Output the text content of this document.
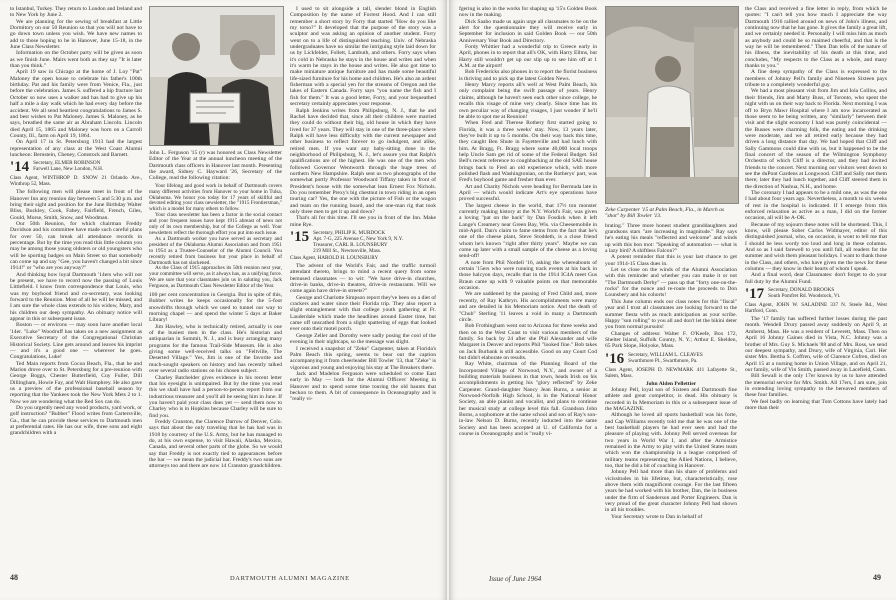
to Istanbul, Turkey. They return to London and Ireland and to New York by June 2.

We are planning for the sewing of breakfast at Little Dormitory on our 50 Reunion so that you will not have to go down town unless you wish. We have new names to add to those hoping to be in Hanover, June 15-18, in the June Class Newsletter.

Information on the October party will be given as soon as we finish June. Mairs went both as they say "It is later than you think."

April 19 saw in Chicago at the home of J. Loy "Pat" Maloney the open house to celebrate his father's 100th birthday. Pat and his family were from Venice, Fla., just before the celebration. James S. suffered a hip fracture last October so now uses a walker and has had to give up his half a mile a day walk which he had every day before the accident. We all send heartiest congratulations to James S. and best wishes to Pat Maloney. James S. Maloney, as he says, breathed the same air as Abraham Lincoln. Lincoln died April 15, 1865 and Maloney was born on a Carroll County, Ill., farm on April 19, 1864.

On April 17 in St. Petersburg 1913 had the largest representation of any class at the West Coast Alumni luncheon: Bernstein, Cheney, Comstock and Barnett.

'14 Secretary, ELMER ROBINSON
Farwell Lane, New London, N.H.
Class Agent, WINTHROP D. SNOW 21 Orlando Ave., Winthrop 52, Mass.

The following men will please meet in front of the Hanover Inn any reunion day between 5 and 5:30 p.m. and bring their sight and position for the June Birthday Walter Bliss, Buckley, Cook, Fahey, Fairfield, French, Giles, Gould, Morse, Smith, Snow, and Woodman.

Our 50th Reunion, for which chairman Freddy Davidson and his committee have made such careful plans for over 50, can break all attendance records in percentage. But by the time you read this little column you may be among those young oldsters or old youngsters who will be sporting badges on Main Street so that somebody can come up and say "Gee, you haven't changed a bit since 1914!" or "who are you anyway?"

And thinking how loyal Dartmouth '14ers who will not be present, we have to record now the passing of Louis Littlefield. I know from correspondence that Louis, who was my boyhood friend and co-secretary, was looking forward to the Reunion. Most of all he will be missed, and I am sure the whole class extends to his widow, Mary, and his children our deep sympathy. An obituary notice will appear in this or subsequent issue.

Boston — or environs — may soon have another local '14er. "Luke" Woodruff has taken on a new assignment as Executive Secretary of the Congregational Christian Historical Society. Line gets around and leaves his imprint — and it's a good one — wherever he goes. Congratulations, Luke!

Ted Main reports from Cocoa Beach, Fla., that he and Marion drove over to St. Petersburg for a pre-reunion with George Boggs, Chester Butterfield, Cuy Fuller, Dill Dillingham, Howie Fay, and Walt Humphrey. He also gave us a preview of the professional baseball season by reporting that the Yankees took the New York Mets 2 to 1. Now we are wondering what the Red Sox can do.

Do you urgently need any wood products, yard work, or golf instruction? "Bubber" Flood writes from Cartersville, Ga., that he can provide these services to Dartmouth men at preferential rates. He has our wife, three sons and eight grandchildren with a

John L. Ferguson '15 (r) was honored as Class Newsletter Editor of the Year at the annual luncheon meeting of the Dartmouth class officers in Hanover last month. Presenting the award, Sidney C. Hayward '26, Secretary of the College, read the following citation:

Your lifelong and good work in behalf of Dartmouth covers many different activities from Hanover to your home in Tulsa, Oklahoma. We honor you today for 17 years of skillful and devoted editing your class newsletter, the "1915 Frontiersman," which is a model for many others to follow.

Your class newsletter has been a factor in the social contact and your frequent issues have kept 1915 abreast of news not only of its own membership, but of the College as well. Your newsletters reflect the thorough effort you put into each issue.

As a Dartmouth worker you have served as secretary and president of the Oklahoma Alumni Association and from 1951 to 1954 as a Trustee-Counselor of the Alumni Council. You recently retired from business but your place in behalf of Dartmouth has not slackened.

As the Class of 1915 approaches its 50th reunion next year, your committee will serve, as it always has, as a unifying force. We are sure that your classmates join us in saluting you, Jack Ferguson, as Dartmouth Class Newsletter Editor of the Year.

100 per cent concentration in Georgia. But in spite of this, Bubber writes he keeps occasionally for the 5-foot snowdrifts through which we used to tunnel our way to morning chapel — and spend the winter 5 days at Baker Library!

Jim Hawley, who is technically retired, actually is one of the busiest men in the class. He's historian and antiquarian in Summit, N. J., and is busy arranging many programs for the famous Trail-Side Museum. He is also giving some well-received talks on "Feltville, The Deserted Village." Yes, Jim is one of the favorite and much-sought speakers on history and has recently talked over several radio stations on his chosen subject.

Charley Batchelder gives evidence in his recent letter that his eyesight is unimpaired. But by the time you read this we shall have had a person-to-person report from our industrious treasurer and you'll all be seeing him in June. If you haven't paid your class dues yet — send them now to Charley who is in Hopkins because Charley will be sure to find you.

Freddy Cranston, the Clarence Darrow of Denver, Colo. says that about the only traveling that he has had was in 1918 by courtesy of the U.S. Army, but he has managed to do, at his own expense, to visit Hawaii, Alaska, Mexico, Canada, and several other parts of the globe. So we would say that Freddy is not exactly tied to appearances before the bar — we mean the judicial bar. Freddy's two sons are attorneys too and there are now 14 Cranston grandchildren.

I used to sit alongside a tall, slender blond in English Composition by the name of Forrest Hood. And I can still remember a short story by Forry that started "How do you like my torso?" It developed that the purpose of the story was a sculptor and was asking an opinion of another student. Forry went on to a life of distinguished teaching. Univ. of Nebraska undergraduates have no similar the intriguing style laid down for us by Lickfelder, Follett, Lambuth, and others. Forry says when it's cold in Nebraska he stays in the house and writes and when it's warm he stays in the house and writes. He also got time to make miniature antique furniture and has made some beautiful life-sized furniture for his home and children. He's also an ardent fisherman with a special yen for the streams of Oregon and the lakes of Eastern Canada. Forry says "you name the fish and I fish for them." It was a good letter, Forry, and your bequeathed secretary certainly appreciates your response.

Ralph Jenkins writes from Philipsburg, N. J., that he and Rachel have decided that, since all their children were married they could do without their big, old house in which they have lived for 37 years. They will stay in one of the three-place where Ralph will have less difficulty with the current newspaper and other business to reflect forever to go indulgent, and alike, retired men. If you want any baby-sitting done in the neighborhood of Philipsburg, N. J., let's assure you that Ralph's qualifications are of the highest. He was one of the men who followed Governor Wentworth through the huge trees of northern New Hampshire. Ralph sent us two photographs of the somewhat portly Professor Woodward Tiffany taken in front of President's house with the somewhat lean Ernest Fox Nichols. Do you remember Prexy's big chestnut in town riding in an open touring car? Yes, the one with the picture of Fish or the wagon and team on the running board, and the one-man rig that took only three men to get it up and down?

That's all for this time. I'll see you in front of the Inn. Make mine Rye.

'15 Secretary, PHILIP K. MURDOCK
Apt. 7-G, 225 Avenue C, New York 9, N.Y.
Treasurer, CARL R. LOUNSBURY
219 Mill St., Newtonville, Mass.
Class Agent, HAROLD H. LOUNSBURY

The advent of the World's Fair, and the traffic turmoil attendant thereto, brings to mind a recent query from some bemused classmates — to wit: "We have drive-in churches, drive-in banks, drive-in theatres, drive-in restaurants. Will we come again have drive-in streets?"

George and Charlotte Simpson report they've been on a diet of crackers and water since their Florida trip. They also report a slight entanglement with that college youth gathering at Ft. Lauderdale which made the headlines around Easter time, but came off unscathed from a slight spattering of eggs that looked ever onto their motel porch.

George Zeller and Dorothy were sadly posing the cool of the evening in their nightcaps, so the message was slight.

I received a snapshot of "Zeke" Carpenter, taken at Florida's Palm Beach this spring, seems to bear out the caption accompanying it from cheerleader Bill Towler '13, that "Zeke" is vigorous and young and enjoying his stay at The Breakers there.

Jack and Madelon Ferguson were scheduled to come East early in May — both for the Alumni Officers' Meeting in Hanover and to spend some time touring the old haunts that beckon to them. A bit of consequence in Oceanography and is "really vi-

48	DARTMOUTH ALUMNI MAGAZINE

fgering is also in the works for shaping up '15's Golden Book now in the making.

Dick Saabo made us again urge all classmates to be on the alert for the questionnaire they will receive early in September for inclusion in said Golden Book — our 50th Anniversary Year Book and Directory.

Fordy Whittier had a wonderful trip to Greece early in April, phones in to report that all's OK, with Harry Ellms, but Harry still wouldn't get up our slip up to see him off at 1 A.M. at the airport!

Bob Fredericks also phones in to report the florist business is thriving and to pick up the latest Golden News.

Henry Marcy reports all's well at West Palm Beach, his only complaint being the swift passage of years. Henry claims, although he haven't seen each other since college, he recalls this visage of mine very clearly. Since time has its own peculiar way of changing visages, I just wonder if he'll be able to spot me at Reunion!

When Fred and Therese Rothery first started going to Florida, it was a three weeks' stay. Now, 13 years later, they've built it up to 5 months. On their way back this time, they caught Ben Shute in Fayetteville and had lunch with him. At Bragg, Ft. Bragg where some 40,000 local troops help Uncle Sam get rid of some of the Federal Budget. Sid Bell's recent reference to coughbacking at the old SAE house brings back to Fred an old experience which, with more polished flash and Washingtonian, on the Rotherys' part, was Fred's boyhood game and fresher than ever.

Art and Charity Nichols were heading for Bermuda late in April — which would indicate Art's eye operations have proved successful.

The largest cheese in the world, that 17½ ton monster currently making history at the N.Y. World's Fair, was given a loving "pat on the back" by Dan Fosdick when it left Lange's Creamery near Green Bay, Wis. via Cheesemobile in mid-April. Dan's claim to fame stems from the fact that he's one of the cheese plant, Steve Stoddeth, is a close friend whom he's known "right after thirty years". Maybe we can come up later with a small sample of the cheese as a loving send-off!

A note from Phil Nordell '16, asking the whereabouts of certain '15ers who were running track events at his back in those halcyon days, recalls that in the 1914 IC4A meet Gus Braun came up with 9 valuable points on that memorable occasion.

We are saddened by the passing of Fred Child and, more recently, of Ray Kathryn. His accomplishments were many and are detailed in his Memoriam notice. And the death of "Chub" Sterling '11 leaves a void in many a Dartmouth circle.

Bob Frothingham went out to Arizona for three weeks and then on to the West Coast to visit various members of the family. So back by 24 after she Phil Alexander and wife Margaret in Denver and reports Phil "looked fine." Bob takes on Jack Burbank is still accessible. Good on any Court Cod but didn't elaborate on results.

Ray White, chairman of the Planning Board of the Incorporated Village of Norwood, N.Y., and owner of a building materials business in that town, heads Irish on his accomplishments in getting his "glory reflected" by Zeke Carpenter. Grand-daughter Nancy Jean Burns, a senior at Norwood-Norfolk High School, is in the National Honor Society, an able pianist and vocalist, and plans to continue her musical study at college level this fall. Grandson John Burns, a sophomore at the same school and son of Ray's son-in-law Nelson D. Burns, recently inducted into the same Society and has been accepted at U. of California for a course in Oceanography and is "really vi-

Zeke Carpenter '15 at Palm Beach, Fla., in March as "shot" by Bill Towler '13.

brating." Three more honest student granddaughters and grandsons stars "are increasing in magnitude." Ray says he's eating his meals "reflected and welcome" and winds up with this bon mot: "Speaking of automation — what is a lazy bird? A shiftless Falcon?"

A potent reminder that this is your last chance to get your 1914-15 Class dues in.

Let us close on the winds of the Alumni Association with this reminder and whether you can make it or not "The Dartmouth Derby" — pass up that "forty one-on-the-rocks" for the nonce and re-route the proceeds to Don Lounsbery and his cohorts!

This June column ends our class notes for this "fiscal" year and I trust all classmates are looking forward to the summer fiesta with as much anticipation as your scribe. Happy "sun rolling" to you all and don't let the bikini deter you from normal pursuits!

Changes of address: Walter F. O'Keefe, Box 172, Shelter Island, Suffolk County, N. Y.; Arthur E. Shelden, 65 Park Slope, Holyoke, Mass.

'16 Secretary, WILLIAM L. CLEAVES
Swarthmore Pl., Swarthmore, Pa.
Class Agent, JOSEPH D. NEWMARK 411 Lafayette St., Salem, Mass.

John Alden Pellettier

Johnny Pell, loyal son of Sixteen and Dartmouth fine athlete and great competitor, is dead. His obituary is recorded in In Memoriam in this or a subsequent issue of the MAGAZINE.

Although he loved all sports basketball was his forte, and Cap Williams recently told me that he was one of the best basketball players he had ever seen and had the pleasure of playing with. Johnny Pell served overseas for two years in World War I, and after the Armistice remained in the Army to play with the United States team which won the championship in a league comprised of military teams representing the Allied Nations, I believe, too, that he did a bit of coaching in Hanover.

Johnny Pell had more than his share of problems and vicissitudes in his lifetime, but, characteristically, rose above them with magnificent courage. For the last fifteen years he had worked with his brother, Dan, the in business under the firm of Sanderson and Porter Engineers. Dan is very proud of the great character Johnny Pell had shown in all his troubles.

Your Secretary wrote to Dan in behalf of

the Class and received a fine letter in reply, from which he quotes: "I can't tell you how much I appreciate the way Dartmouth 1916 rallied around on news of John's illness, and continuing now that he has gone. It gives the family a great lift, and we certainly needed it. Personally I will miss him as much as anybody and could be so maimed cheerful, and that is the way he will be remembered." Then Dan tells of the nature of his illness, the inevitability of his death at this time, and concludes, "My respects to the Class as a whole, and many thanks to you."

A fine deep sympathy of the Class is expressed to the members of Johnny Pell's family and Nineteen Sixteen pays tribute to a completely wonderful guy.

We had a most pleasant visit from Jim and Iola Collins, and their friends, Jim and Marty Buss, of Toronto, who spent the night with us on their way back to Florida. Next morning I was off to Bryn Mawr Hospital where I am now incarcerated as those seem to be being written, any "similarly" between their visit and the slight economy I had was purely coincidental — the Busses were charming folk, the eating and the drinking were moderate, and we all retired early because they had driven a long distance that day. We had hoped that Cliff and Sally Gammons could dine with us, but it happened to be the final concert of the season of the Wilmington Symphony Orchestra of which Cliff is a director, and they had invited friends to the concert. Next morning our visitors went down to see the duPont Gardens at Longwood. Cliff and Sally met them there; later they had lunch together, and Cliff steered them in the direction of Nashua, N.H., and home.

The coronary I had appears to be a mild one, as was the one I had about four years ago. Nevertheless, a month to six weeks of rest in the hospital is indicated. If I emerge from this enforced relaxation as active as a man, I did on the former occasion, all will be A-OK.

Because of my sojourn these notes will be shortened. This, I know, will please Sober Carlos Widmayer, editor of this distinguished journal, who, on occasion, is wont to tell me that I should be less wordy too loud and long in these columns. And so as I said farewell to you until fall, all readers for the summer and wish them pleasant holidays. I want to thank those in the Class, and others, who have given me the news for these columns — they know in their hearts of whom I speak.

And a final word, dear Classmates: don't forget to do your full duty by the Alumni Fund.

'17 Secretary, DONALD BROOKS
South Pomfret Rd. Woodstock, Vt.
Class Agent, JOHN W. SALADINE 337 N. Steele Rd., West Hartford, Conn.

The '17 family has suffered further losses during the past month. Wendell Drury passed away suddenly on April 9, at Amherst, Mass. He was a resident of Leverett, Mass. Then on April 16 Johnny Gaines died in Vista, N.C. Johnny was a brother of Mrs. Guy S. Michaels '88 and of Mrs. Ross, we send our deepest sympathy, and Drury, wife of Virginia, Carl. Her sister Mrs. Bertha S. Coffren, wife of Clarence Cofren, died on April 15 at a nursing home in Union Village, and on April 21, our family, wife of Vin Smith, passed away in Lacefield, Conn.

Bill Sewall is the only 17er known by us to have attended the memorial service for Mrs. Smith. All 17ers, I am sure, join in extending loving sympathy to the bereaved members of these four families.

We feel badly on learning that Tom Cottons have lately had more than their

Issue of June 1964	49
